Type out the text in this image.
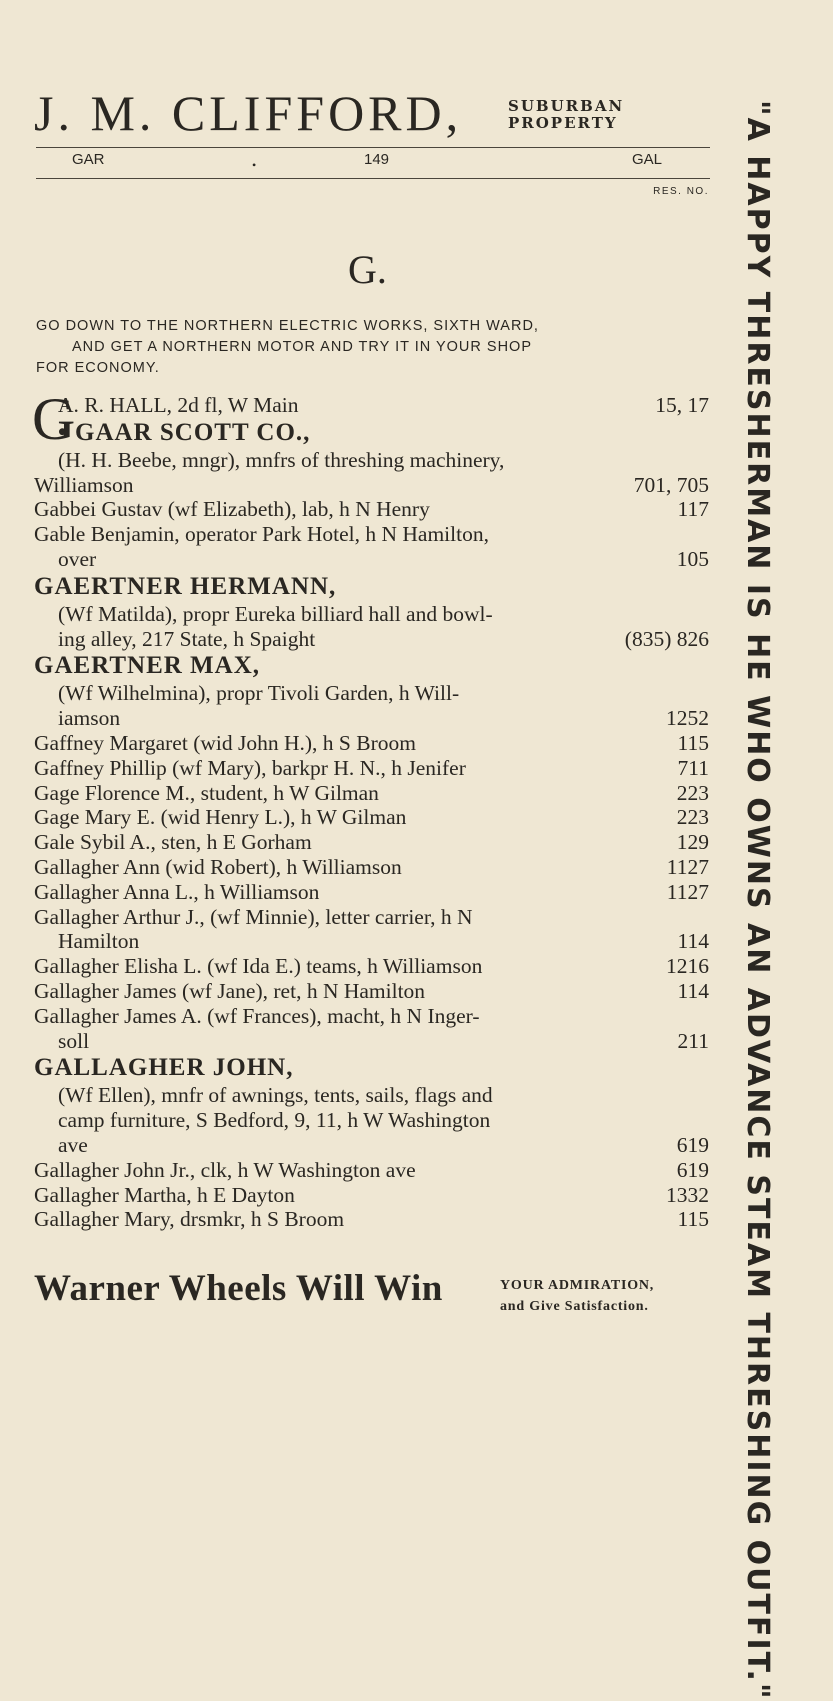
J. M. CLIFFORD,	SUBURBAN
PROPERTY
GAR	•	149	GAL
RES. NO.
G.
GO DOWN TO THE NORTHERN ELECTRIC WORKS, SIXTH WARD,
AND GET A NORTHERN MOTOR AND TRY IT IN YOUR SHOP
FOR ECONOMY.
G
A. R. HALL, 2d fl, W Main	15, 17
• GAAR SCOTT CO.,
(H. H. Beebe, mngr), mnfrs of threshing machinery,
Williamson	701, 705
Gabbei Gustav (wf Elizabeth), lab, h N Henry	117
Gable Benjamin, operator Park Hotel, h N Hamilton,
over	105
GAERTNER HERMANN,
(Wf Matilda), propr Eureka billiard hall and bowl-
ing alley, 217 State, h Spaight	(835) 826
GAERTNER MAX,
(Wf Wilhelmina), propr Tivoli Garden, h Will-
iamson	1252
Gaffney Margaret (wid John H.), h S Broom	115
Gaffney Phillip (wf Mary), barkpr H. N., h Jenifer	711
Gage Florence M., student, h W Gilman	223
Gage Mary E. (wid Henry L.), h W Gilman	223
Gale Sybil A., sten, h E Gorham	129
Gallagher Ann (wid Robert), h Williamson	1127
Gallagher Anna L., h Williamson	1127
Gallagher Arthur J., (wf Minnie), letter carrier, h N
Hamilton	114
Gallagher Elisha L. (wf Ida E.) teams, h Williamson	1216
Gallagher James (wf Jane), ret, h N Hamilton	114
Gallagher James A. (wf Frances), macht, h N Inger-
soll	211
GALLAGHER JOHN,
(Wf Ellen), mnfr of awnings, tents, sails, flags and
camp furniture, S Bedford, 9, 11, h W Washington
ave	619
Gallagher John Jr., clk, h W Washington ave	619
Gallagher Martha, h E Dayton	1332
Gallagher Mary, drsmkr, h S Broom	115
Warner Wheels Will Win	YOUR ADMIRATION,
and Give Satisfaction.	"A HAPPY THRESHERMAN IS HE WHO OWNS AN ADVANCE STEAM THRESHING OUTFIT."
